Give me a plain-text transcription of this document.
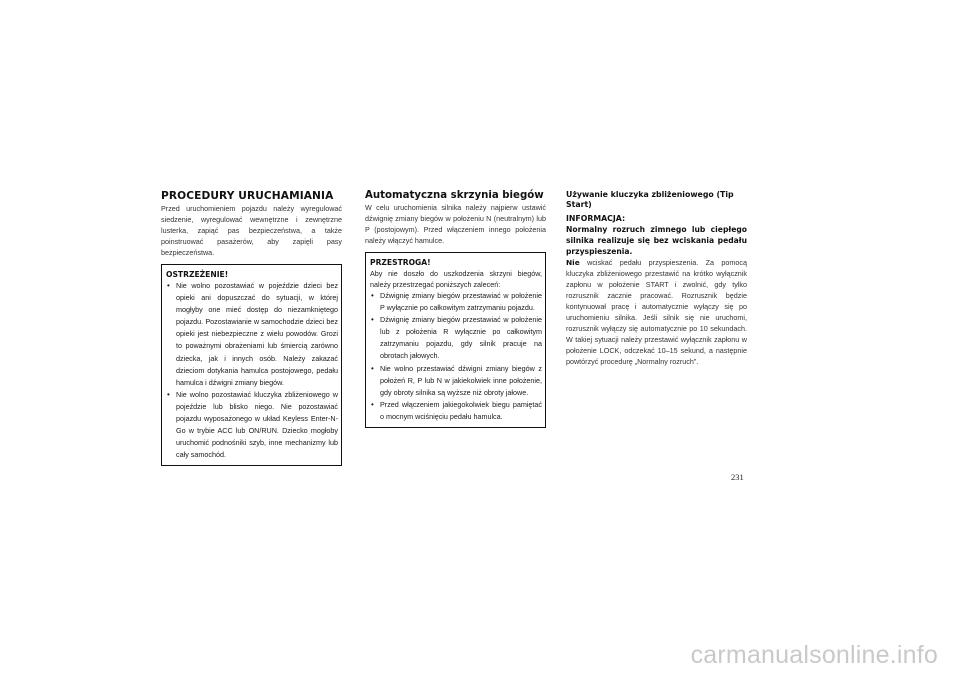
PROCEDURY URUCHAMIANIA

Przed uruchomieniem pojazdu należy wyregulować siedzenie, wyregulować wewnętrzne i zewnętrzne lusterka, zapiąć pas bezpieczeństwa, a także poinstruować pasażerów, aby zapięli pasy bezpieczeństwa.

OSTRZEŻENIE!

• Nie wolno pozostawiać w pojeździe dzieci bez opieki ani dopuszczać do sytuacji, w której mogłyby one mieć dostęp do niezamkniętego pojazdu. Pozostawianie w samochodzie dzieci bez opieki jest niebezpieczne z wielu powodów. Grozi to poważnymi obrażeniami lub śmiercią zarówno dziecka, jak i innych osób. Należy zakazać dzieciom dotykania hamulca postojowego, pedału hamulca i dźwigni zmiany biegów.
• Nie wolno pozostawiać kluczyka zbliżeniowego w pojeździe lub blisko niego. Nie pozostawiać pojazdu wyposażonego w układ Keyless Enter-N-Go w trybie ACC lub ON/RUN. Dziecko mogłoby uruchomić podnośniki szyb, inne mechanizmy lub cały samochód.
Automatyczna skrzynia biegów

W celu uruchomienia silnika należy najpierw ustawić dźwignię zmiany biegów w położeniu N (neutralnym) lub P (postojowym). Przed włączeniem innego położenia należy włączyć hamulce.

PRZESTROGA!

Aby nie doszło do uszkodzenia skrzyni biegów, należy przestrzegać poniższych zaleceń:

• Dźwignię zmiany biegów przestawiać w położenie P wyłącznie po całkowitym zatrzymaniu pojazdu.
• Dźwignię zmiany biegów przestawiać w położenie lub z położenia R wyłącznie po całkowitym zatrzymaniu pojazdu, gdy silnik pracuje na obrotach jałowych.
• Nie wolno przestawiać dźwigni zmiany biegów z położeń R, P lub N w jakiekolwiek inne położenie, gdy obroty silnika są wyższe niż obroty jałowe.
• Przed włączeniem jakiegokolwiek biegu pamiętać o mocnym wciśnięciu pedału hamulca.

Używanie kluczyka zbliżeniowego (Tip Start)

INFORMACJA:

Normalny rozruch zimnego lub ciepłego silnika realizuje się bez wciskania pedału przyspieszenia.

Nie wciskać pedału przyspieszenia. Za pomocą kluczyka zbliżeniowego przestawić na krótko wyłącznik zapłonu w położenie START i zwolnić, gdy tylko rozrusznik zacznie pracować. Rozrusznik będzie kontynuował pracę i automatycznie wyłączy się po uruchomieniu silnika. Jeśli silnik się nie uruchomi, rozrusznik wyłączy się automatycznie po 10 sekundach. W takiej sytuacji należy przestawić wyłącznik zapłonu w położenie LOCK, odczekać 10–15 sekund, a następnie powtórzyć procedurę „Normalny rozruch”.

231
carmanualsonline.info
